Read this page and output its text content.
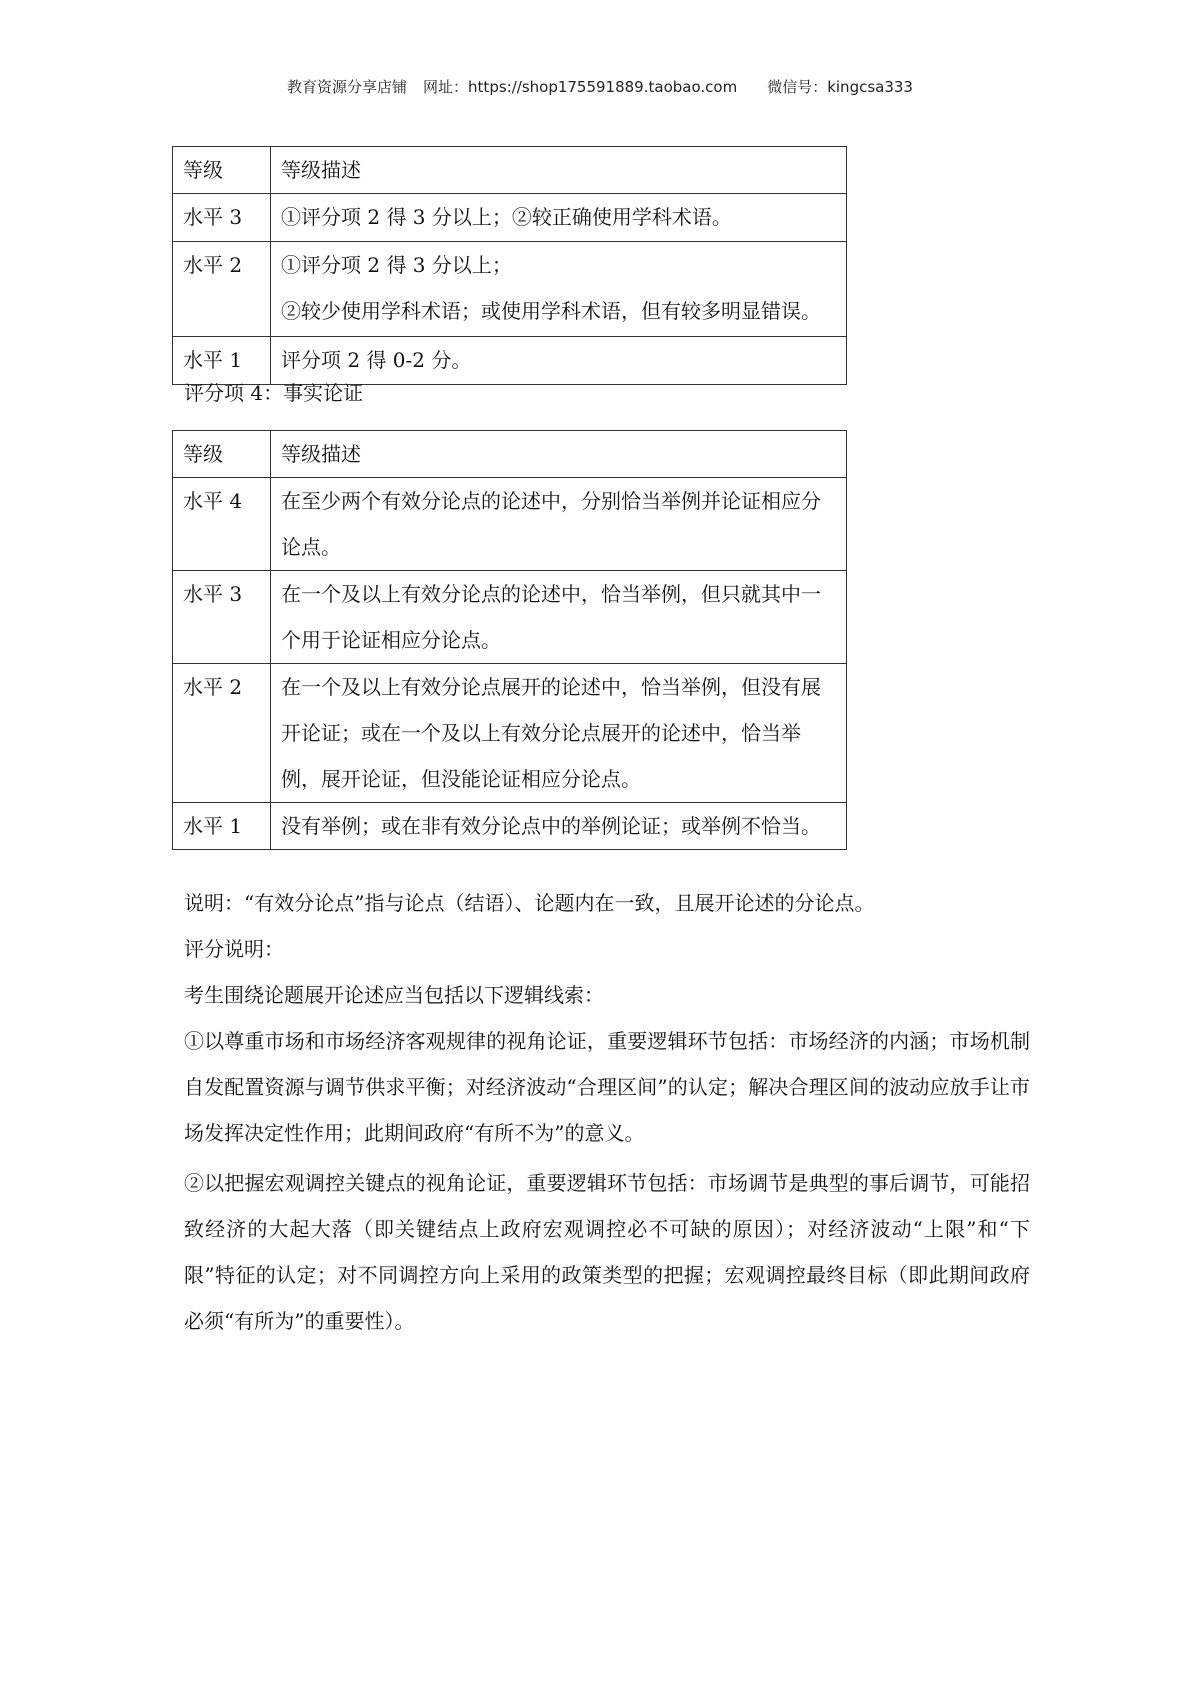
教育资源分享店铺 网址：https://shop175591889.taobao.com 微信号：kingcsa333
等级	等级描述
水平 3	①评分项 2 得 3 分以上；②较正确使用学科术语。
水平 2	①评分项 2 得 3 分以上；
②较少使用学科术语；或使用学科术语，但有较多明显错误。

水平 1	评分项 2 得 0-2 分。
评分项 4：事实论证
等级	等级描述
水平 4	在至少两个有效分论点的论述中，分别恰当举例并论证相应分论点。
水平 3	在一个及以上有效分论点的论述中，恰当举例，但只就其中一个用于论证相应分论点。
水平 2	在一个及以上有效分论点展开的论述中，恰当举例，但没有展开论证；或在一个及以上有效分论点展开的论述中，恰当举例，展开论证，但没能论证相应分论点。
水平 1	没有举例；或在非有效分论点中的举例论证；或举例不恰当。

说明：“有效分论点”指与论点（结语）、论题内在一致，且展开论述的分论点。

评分说明：

考生围绕论题展开论述应当包括以下逻辑线索：

①以尊重市场和市场经济客观规律的视角论证，重要逻辑环节包括：市场经济的内涵；市场机制自发配置资源与调节供求平衡；对经济波动“合理区间”的认定；解决合理区间的波动应放手让市场发挥决定性作用；此期间政府“有所不为”的意义。

②以把握宏观调控关键点的视角论证，重要逻辑环节包括：市场调节是典型的事后调节，可能招致经济的大起大落（即关键结点上政府宏观调控必不可缺的原因）；对经济波动“上限”和“下限”特征的认定；对不同调控方向上采用的政策类型的把握；宏观调控最终目标（即此期间政府必须“有所为”的重要性）。
